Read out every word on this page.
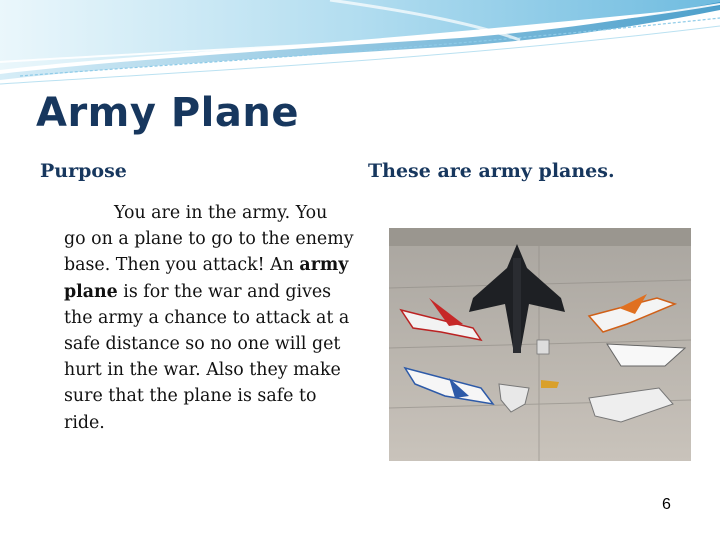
Army Plane
Purpose	These are army planes.
You are in the army. You go on a plane to go to the enemy base. Then you attack! An army plane is for the war and gives the army a chance to attack at a safe distance so no one will get hurt in the war. Also they make sure that the plane is safe to ride.
6
